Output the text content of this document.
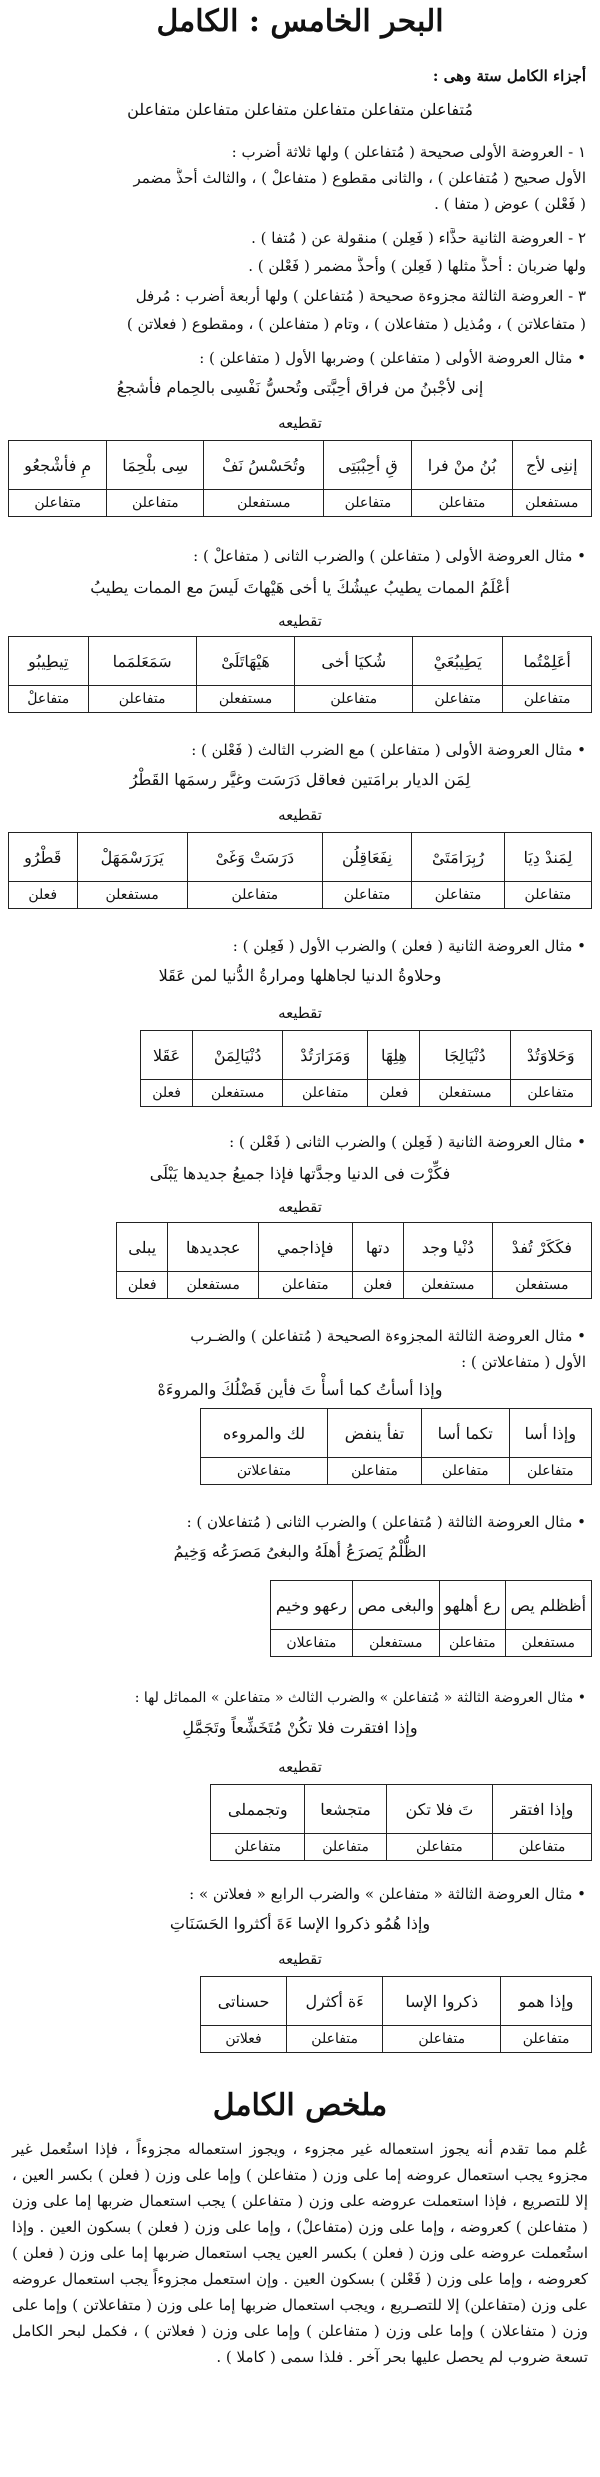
البحر الخامس : الكامل
أجزاء الكامل ستة وهى :
مُتفاعلن متفاعلن متفاعلن متفاعلن متفاعلن متفاعلن
١ - العروضة الأولى صحيحة ( مُتفاعلن ) ولها ثلاثة أضرب :
الأول صحيح ( مُتفاعلن ) ، والثانى مقطوع ( متفاعلْ ) ، والثالث أحذُّ مضمر
( فَعْلن ) عوض ( متفا ) .
٢ - العروضة الثانية حذَّاء ( فَعِلن ) منقولة عن ( مُتفا ) .
ولها ضربان : أحذُّ مثلها ( فَعِلن ) وأحذُّ مضمر ( فَعْلن ) .
٣ - العروضة الثالثة مجزوءة صحيحة ( مُتفاعلن ) ولها أربعة أضرب : مُرفل
( متفاعلاتن ) ، ومُذيل ( متفاعلان ) ، وتام ( متفاعلن ) ، ومقطوع ( فعلاتن )
• مثال العروضة الأولى ( متفاعلن ) وضربها الأول ( متفاعلن ) :
إنى لأجْبنُ من فراق أحِبَّتى وتُحسُّ نَفْسِى بالحِمام فأشجعُ
تقطيعه
إننِى لأج	بُنُ منْ فرا	قِ أحِبْبَتِى	وتُحَسْسُ نَفْ	سِى بلْحِمَا	مِ فأشْجعُو
مستفعلن	متفاعلن	متفاعلن	مستفعلن	متفاعلن	متفاعلن
• مثال العروضة الأولى ( متفاعلن ) والضرب الثانى ( متفاعلْ ) :
أعْلَمُ الممات يطيبُ عيشُكَ يا أخى هَيْهاتَ لَيسَ مع الممات يطيبُ
تقطيعه
أعَلِمْتُما	يَطِيبُعَيْ	شُكيَا أخى	هَيْهَاتَلَىْ	سَمَعَلمَما	تِيطِيبُو
متفاعلن	متفاعلن	متفاعلن	مستفعلن	متفاعلن	متفاعلْ
• مثال العروضة الأولى ( متفاعلن ) مع الضرب الثالث ( فَعْلن ) :
لِمَن الديار برامَتين فعاقل دَرَسَت وغيَّر رسمَها القَطْرُ
تقطيعه
لِمَندْ دِيَا	رُبِرَامَتَىْ	نِفَعَاقِلُن	دَرَسَتْ وَغَىْ	يَرَرَسْمَهَلْ	قَطْرُو
متفاعلن	متفاعلن	متفاعلن	متفاعلن	مستفعلن	فعلن
• مثال العروضة الثانية ( فعلن ) والضرب الأول ( فَعِلن ) :
وحلاوةُ الدنيا لجاهلها ومرارةُ الدُّنيا لمن عَقَلا
تقطيعه
وَحَلاوَتُدْ	دُنْيَالِجَا	هِلِهَا	وَمَرَارَتُدْ	دُنْيَالِمَنْ	عَقَلا
متفاعلن	مستفعلن	فعلن	متفاعلن	مستفعلن	فعلن
• مثال العروضة الثانية ( فَعِلن ) والضرب الثانى ( فَعْلن ) :
فكِّرْت فى الدنيا وجدَّتها فإذا جميعُ جديدها يَبْلَى
تقطيعه
فكَكَرْ تُفدْ	دُنْيا وجد	دتها	فإذاجمي	عجديدها	يبلى
مستفعلن	مستفعلن	فعلن	متفاعلن	مستفعلن	فعلن
• مثال العروضة الثالثة المجزوءة الصحيحة ( مُتفاعلن ) والضـرب
الأول ( متفاعلاتن ) :
وإذا أسأتُ كما أسأْ تَ فأين فَضْلُكَ والمروءَهْ
وإذا أسا	تكما أسا	تفأ ينفض	لك والمروءه
متفاعلن	متفاعلن	متفاعلن	متفاعلاتن
• مثال العروضة الثالثة ( مُتفاعلن ) والضرب الثانى ( مُتفاعلان ) :
الظُّلْمُ يَصرَعُ أهلَهُ والبغىُ مَصرَعُه وَخِيمُ
أظظلم يص	رع أهلهو	والبغى مص	رعهو وخيم
مستفعلن	متفاعلن	مستفعلن	متفاعلان
• مثال العروضة الثالثة « مُتفاعلن » والضرب الثالث « متفاعلن » المماثل لها :
وإذا افتقرت فلا تكُنْ مُتَخَشِّعاً وتَجَمَّلِ
تقطيعه
وإذا افتقر	تَ فلا تكن	متجشعا	وتجمملى
متفاعلن	متفاعلن	متفاعلن	متفاعلن
• مثال العروضة الثالثة « متفاعلن » والضرب الرابع « فعلاتن » :
وإذا هُمُو ذكروا الإسا ءَةَ أكثروا الحَسَنَاتِ
تقطيعه
وإذا همو	ذكروا الإسا	ءَة أكثرل	حسناتى
متفاعلن	متفاعلن	متفاعلن	فعلاتن
ملخص الكامل
عُلم مما تقدم أنه يجوز استعماله غير مجزوء ، ويجوز استعماله مجزوءاً ، فإذا استُعمل غير مجزوء يجب استعمال عروضه إما على وزن ( متفاعلن ) وإما على وزن ( فعلن ) بكسر العين ، إلا للتصريع ، فإذا استعملت عروضه على وزن ( متفاعلن ) يجب استعمال ضربها إما على وزن ( متفاعلن ) كعروضه ، وإما على وزن (متفاعلْ) ، وإما على وزن ( فعلن ) بسكون العين . وإذا استُعملت عروضه على وزن ( فعلن ) بكسر العين يجب استعمال ضربها إما على وزن ( فعلن ) كعروضه ، وإما على وزن ( فَعْلن ) بسكون العين . وإن استعمل مجزوءاً يجب استعمال عروضه على وزن (متفاعلن) إلا للتصـريع ، ويجب استعمال ضربها إما على وزن ( متفاعلاتن ) وإما على وزن ( متفاعلان ) وإما على وزن ( متفاعلن ) وإما على وزن ( فعلاتن ) ، فكمل لبحر الكامل تسعة ضروب لم يحصل عليها بحر آخر . فلذا سمى ( كاملا ) .
